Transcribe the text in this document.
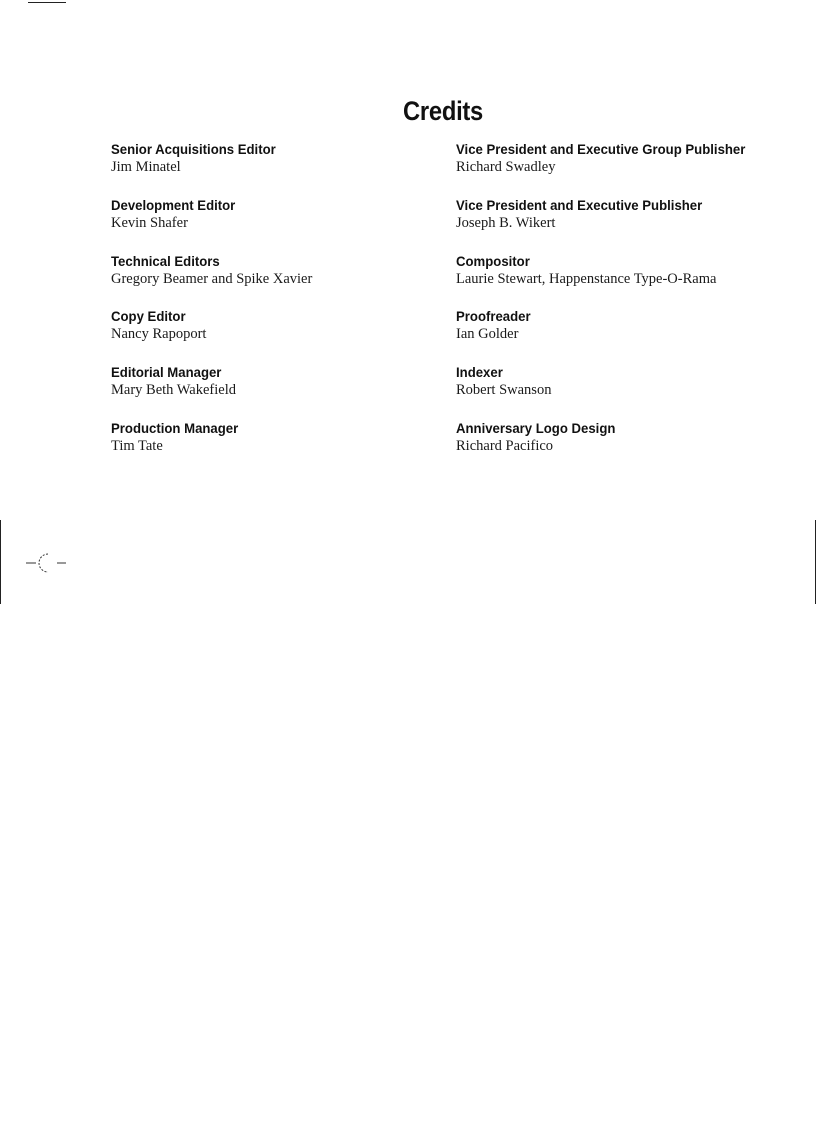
Credits
Senior Acquisitions Editor
Jim Minatel
Development Editor
Kevin Shafer
Technical Editors
Gregory Beamer and Spike Xavier
Copy Editor
Nancy Rapoport
Editorial Manager
Mary Beth Wakefield
Production Manager
Tim Tate
Vice President and Executive Group Publisher
Richard Swadley
Vice President and Executive Publisher
Joseph B. Wikert
Compositor
Laurie Stewart, Happenstance Type-O-Rama
Proofreader
Ian Golder
Indexer
Robert Swanson
Anniversary Logo Design
Richard Pacifico
